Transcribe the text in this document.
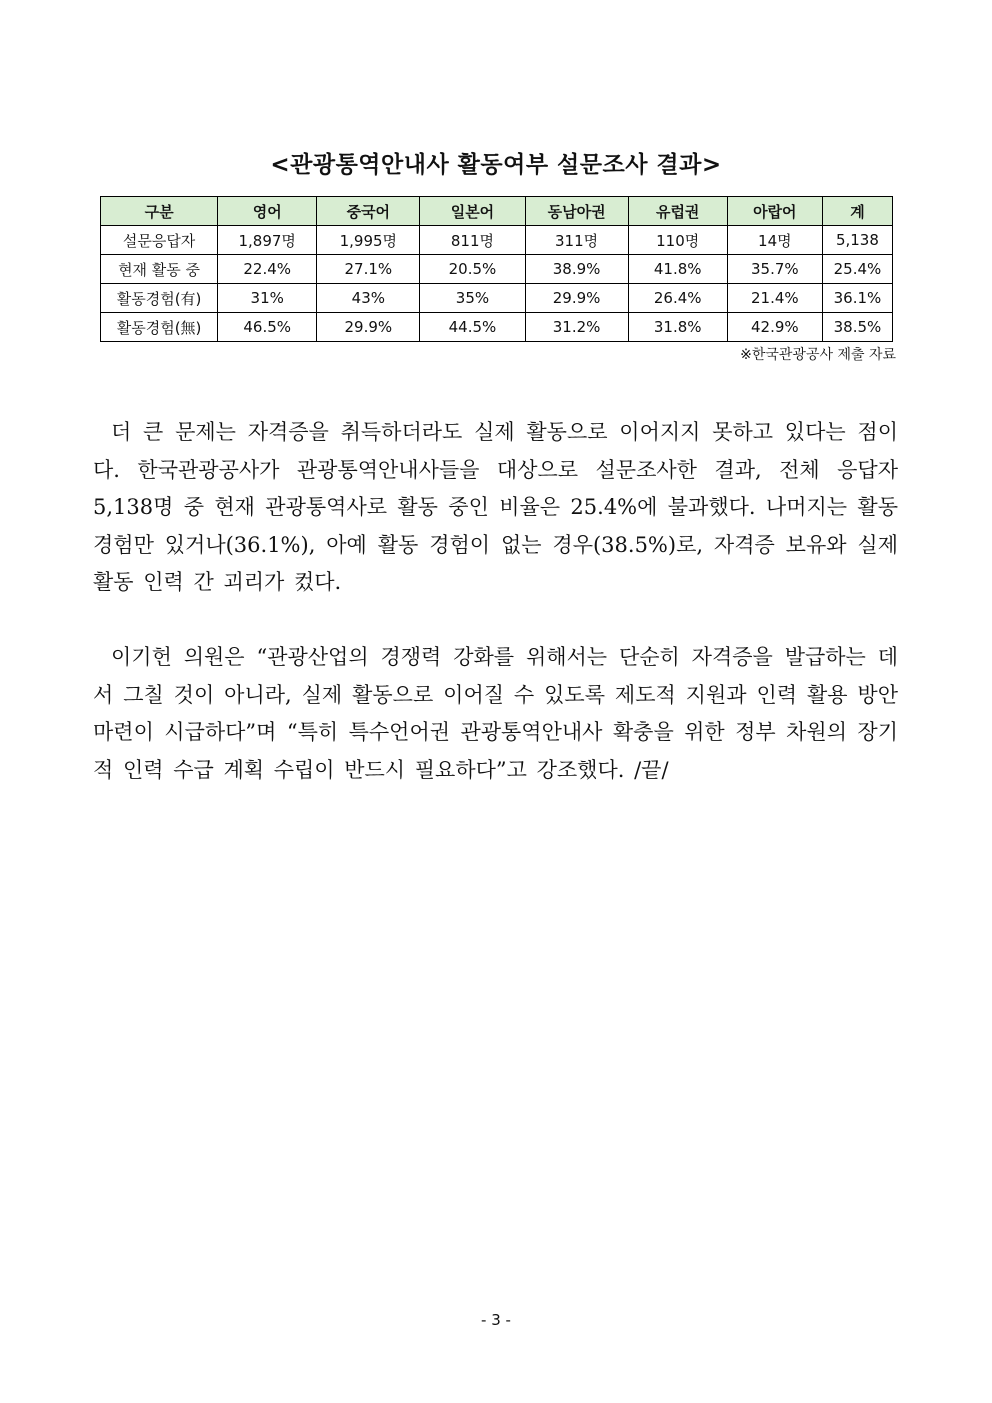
<관광통역안내사 활동여부 설문조사 결과>
구분	영어	중국어	일본어	동남아권	유럽권	아랍어	계
설문응답자	1,897명	1,995명	811명	311명	110명	14명	5,138
현재 활동 중	22.4%	27.1%	20.5%	38.9%	41.8%	35.7%	25.4%
활동경험(有)	31%	43%	35%	29.9%	26.4%	21.4%	36.1%
활동경험(無)	46.5%	29.9%	44.5%	31.2%	31.8%	42.9%	38.5%
※한국관광공사 제출 자료

더 큰 문제는 자격증을 취득하더라도 실제 활동으로 이어지지 못하고 있다는 점이다. 한국관광공사가 관광통역안내사들을 대상으로 설문조사한 결과, 전체 응답자 5,138명 중 현재 관광통역사로 활동 중인 비율은 25.4%에 불과했다. 나머지는 활동 경험만 있거나(36.1%), 아예 활동 경험이 없는 경우(38.5%)로, 자격증 보유와 실제 활동 인력 간 괴리가 컸다.

이기헌 의원은 “관광산업의 경쟁력 강화를 위해서는 단순히 자격증을 발급하는 데서 그칠 것이 아니라, 실제 활동으로 이어질 수 있도록 제도적 지원과 인력 활용 방안 마련이 시급하다”며 “특히 특수언어권 관광통역안내사 확충을 위한 정부 차원의 장기적 인력 수급 계획 수립이 반드시 필요하다”고 강조했다. /끝/

- 3 -
